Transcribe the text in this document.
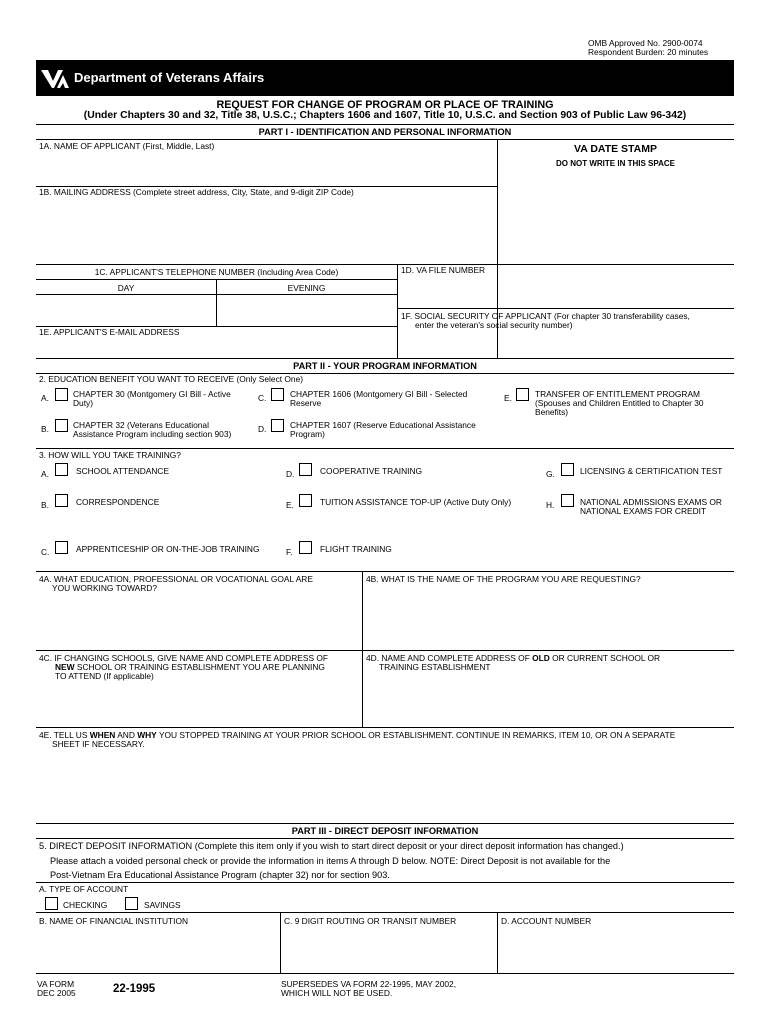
OMB Approved No. 2900-0074
Respondent Burden: 20 minutes
Department of Veterans Affairs
REQUEST FOR CHANGE OF PROGRAM OR PLACE OF TRAINING
(Under Chapters 30 and 32, Title 38, U.S.C.; Chapters 1606 and 1607, Title 10, U.S.C. and Section 903 of Public Law 96-342)
PART I - IDENTIFICATION AND PERSONAL INFORMATION
1A. NAME OF APPLICANT (First, Middle, Last)	VA DATE STAMP
DO NOT WRITE IN THIS SPACE
1B. MAILING ADDRESS (Complete street address, City, State, and 9-digit ZIP Code)
1C. APPLICANT'S TELEPHONE NUMBER (Including Area Code)
DAY	EVENING
1D. VA FILE NUMBER
1F. SOCIAL SECURITY OF APPLICANT (For chapter 30 transferability cases,
enter the veteran's social security number)
1E. APPLICANT'S E-MAIL ADDRESS
PART II - YOUR PROGRAM INFORMATION
2. EDUCATION BENEFIT YOU WANT TO RECEIVE (Only Select One)
A.	CHAPTER 30 (Montgomery GI Bill - Active
Duty)
B.	CHAPTER 32 (Veterans Educational
Assistance Program including section 903)
C.	CHAPTER 1606 (Montgomery GI Bill - Selected
Reserve
D.	CHAPTER 1607 (Reserve Educational Assistance
Program)
E.	TRANSFER OF ENTITLEMENT PROGRAM
(Spouses and Children Entitled to Chapter 30
Benefits)
3. HOW WILL YOU TAKE TRAINING?
A.	SCHOOL ATTENDANCE
B.	CORRESPONDENCE
C.	APPRENTICESHIP OR ON-THE-JOB TRAINING
D.	COOPERATIVE TRAINING
E.	TUITION ASSISTANCE TOP-UP (Active Duty Only)
F.	FLIGHT TRAINING
G.	LICENSING & CERTIFICATION TEST
H.	NATIONAL ADMISSIONS EXAMS OR
NATIONAL EXAMS FOR CREDIT
4A. WHAT EDUCATION, PROFESSIONAL OR VOCATIONAL GOAL ARE
YOU WORKING TOWARD?
4B. WHAT IS THE NAME OF THE PROGRAM YOU ARE REQUESTING?
4C. IF CHANGING SCHOOLS, GIVE NAME AND COMPLETE ADDRESS OF
NEW SCHOOL OR TRAINING ESTABLISHMENT YOU ARE PLANNING
TO ATTEND (If applicable)
4D. NAME AND COMPLETE ADDRESS OF OLD OR CURRENT SCHOOL OR
TRAINING ESTABLISHMENT
4E. TELL US WHEN AND WHY YOU STOPPED TRAINING AT YOUR PRIOR SCHOOL OR ESTABLISHMENT. CONTINUE IN REMARKS, ITEM 10, OR ON A SEPARATE
SHEET IF NECESSARY.
PART III - DIRECT DEPOSIT INFORMATION
5. DIRECT DEPOSIT INFORMATION (Complete this item only if you wish to start direct deposit or your direct deposit information has changed.)
Please attach a voided personal check or provide the information in items A through D below. NOTE: Direct Deposit is not available for the
Post-Vietnam Era Educational Assistance Program (chapter 32) nor for section 903.
A. TYPE OF ACCOUNT
CHECKING	SAVINGS
B. NAME OF FINANCIAL INSTITUTION	C. 9 DIGIT ROUTING OR TRANSIT NUMBER	D. ACCOUNT NUMBER
VA FORM
DEC 2005	22-1995	SUPERSEDES VA FORM 22-1995, MAY 2002,
WHICH WILL NOT BE USED.
